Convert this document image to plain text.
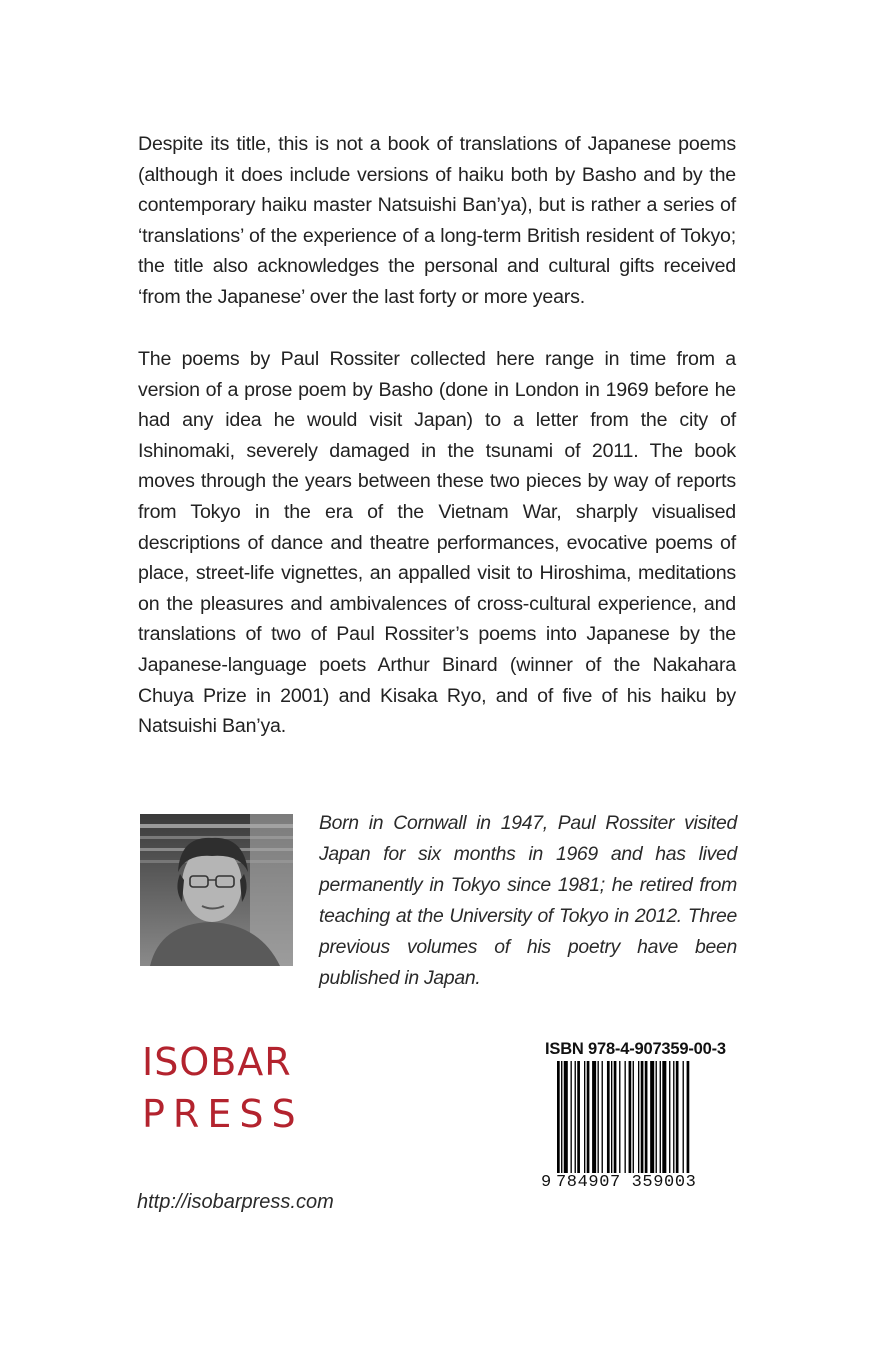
Despite its title, this is not a book of translations of Japanese poems (although it does include versions of haiku both by Basho and by the contemporary haiku master Natsuishi Ban’ya), but is rather a series of ‘translations’ of the experience of a long-term British resident of Tokyo; the title also acknowledges the personal and cultural gifts received ‘from the Japanese’ over the last forty or more years.

The poems by Paul Rossiter collected here range in time from a version of a prose poem by Basho (done in London in 1969 before he had any idea he would visit Japan) to a letter from the city of Ishinomaki, severely damaged in the tsunami of 2011. The book moves through the years between these two pieces by way of reports from Tokyo in the era of the Vietnam War, sharply visualised descriptions of dance and theatre performances, evocative poems of place, street-life vignettes, an appalled visit to Hiroshima, meditations on the pleasures and ambivalences of cross-cultural experience, and translations of two of Paul Rossiter’s poems into Japanese by the Japanese-language poets Arthur Binard (winner of the Nakahara Chuya Prize in 2001) and Kisaka Ryo, and of five of his haiku by Natsuishi Ban’ya.

Born in Cornwall in 1947, Paul Rossiter visited Japan for six months in 1969 and has lived permanently in Tokyo since 1981; he retired from teaching at the University of Tokyo in 2012. Three previous volumes of his poetry have been published in Japan.

ISOBAR

PRESS

http://isobarpress.com

ISBN 978-4-907359-00-3

9 784907 359003
